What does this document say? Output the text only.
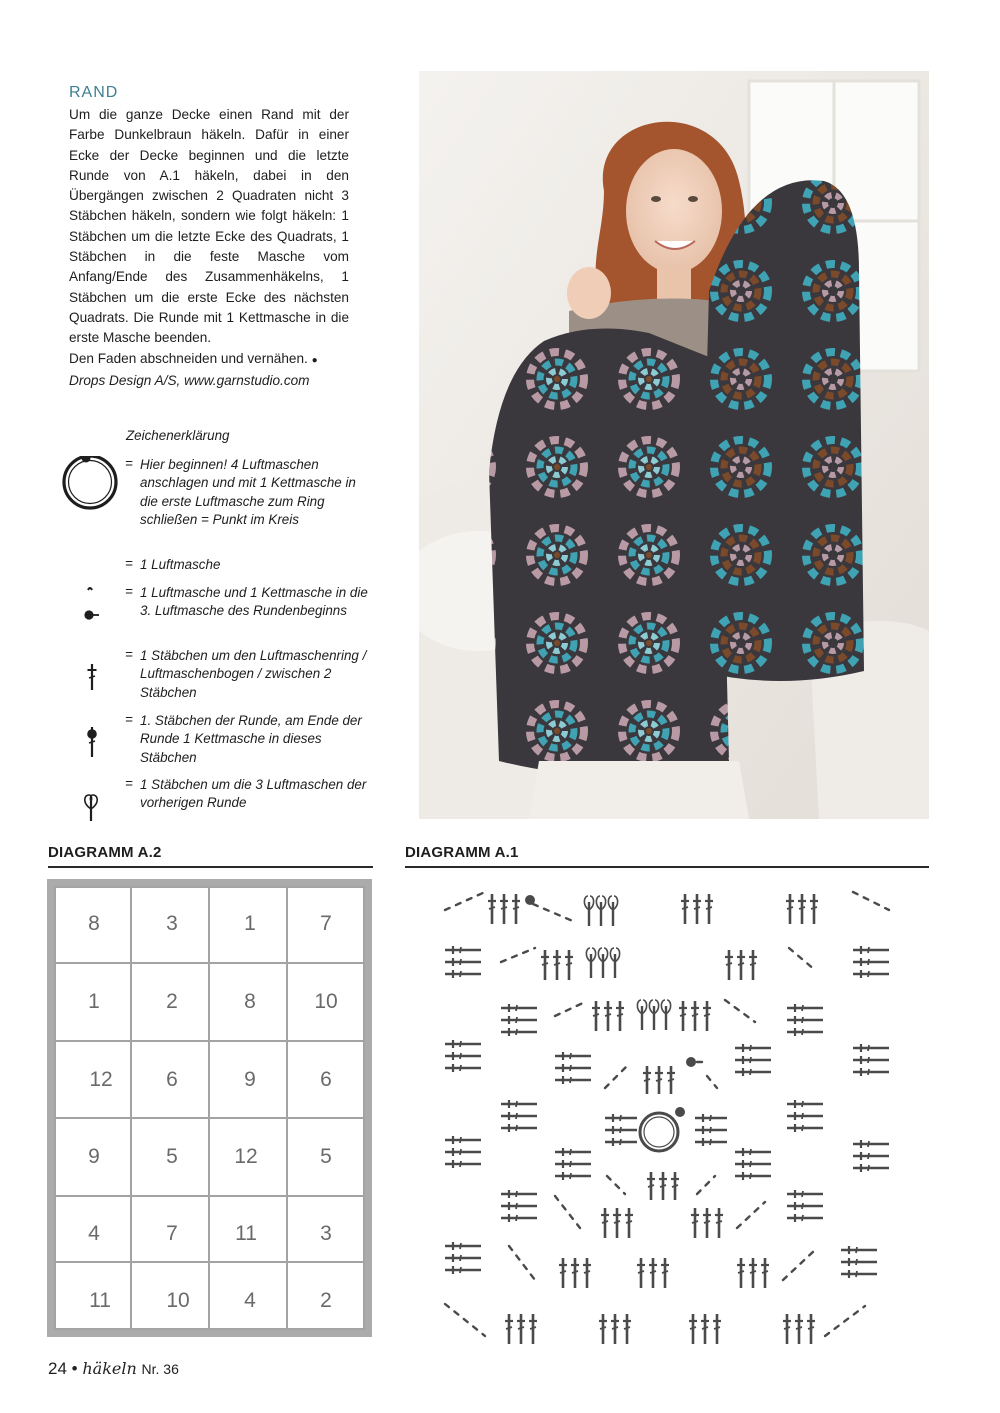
RAND

Um die ganze Decke einen Rand mit der Farbe Dunkelbraun häkeln. Dafür in einer Ecke der Decke beginnen und die letzte Runde von A.1 häkeln, dabei in den Übergängen zwischen 2 Quadraten nicht 3 Stäbchen häkeln, sondern wie folgt häkeln: 1 Stäbchen um die letzte Ecke des Quadrats, 1 Stäbchen in die feste Masche vom Anfang/Ende des Zusammenhäkelns, 1 Stäbchen um die erste Ecke des nächsten Quadrats. Die Runde mit 1 Kettmasche in die erste Masche beenden.

Den Faden abschneiden und vernähen. ●

Drops Design A/S, www.garnstudio.com

Zeichenerklärung
= Hier beginnen! 4 Luftmaschen anschlagen und mit 1 Kettmasche in die erste Luftmasche zum Ring schließen = Punkt im Kreis
= 1 Luftmasche
= 1 Luftmasche und 1 Kettmasche in die 3. Luftmasche des Rundenbeginns
= 1 Stäbchen um den Luftmaschenring / Luftmaschenbogen / zwischen 2 Stäbchen
= 1. Stäbchen der Runde, am Ende der Runde 1 Kettmasche in dieses Stäbchen
= 1 Stäbchen um die 3 Luftmaschen der vorherigen Runde
DIAGRAMM A.2	DIAGRAMM A.1
8	3	1	7
1	2	8	10
12	6	9	6
9	5	12	5
4	7	11	3
11	10	4	2
24 • häkeln Nr. 36
